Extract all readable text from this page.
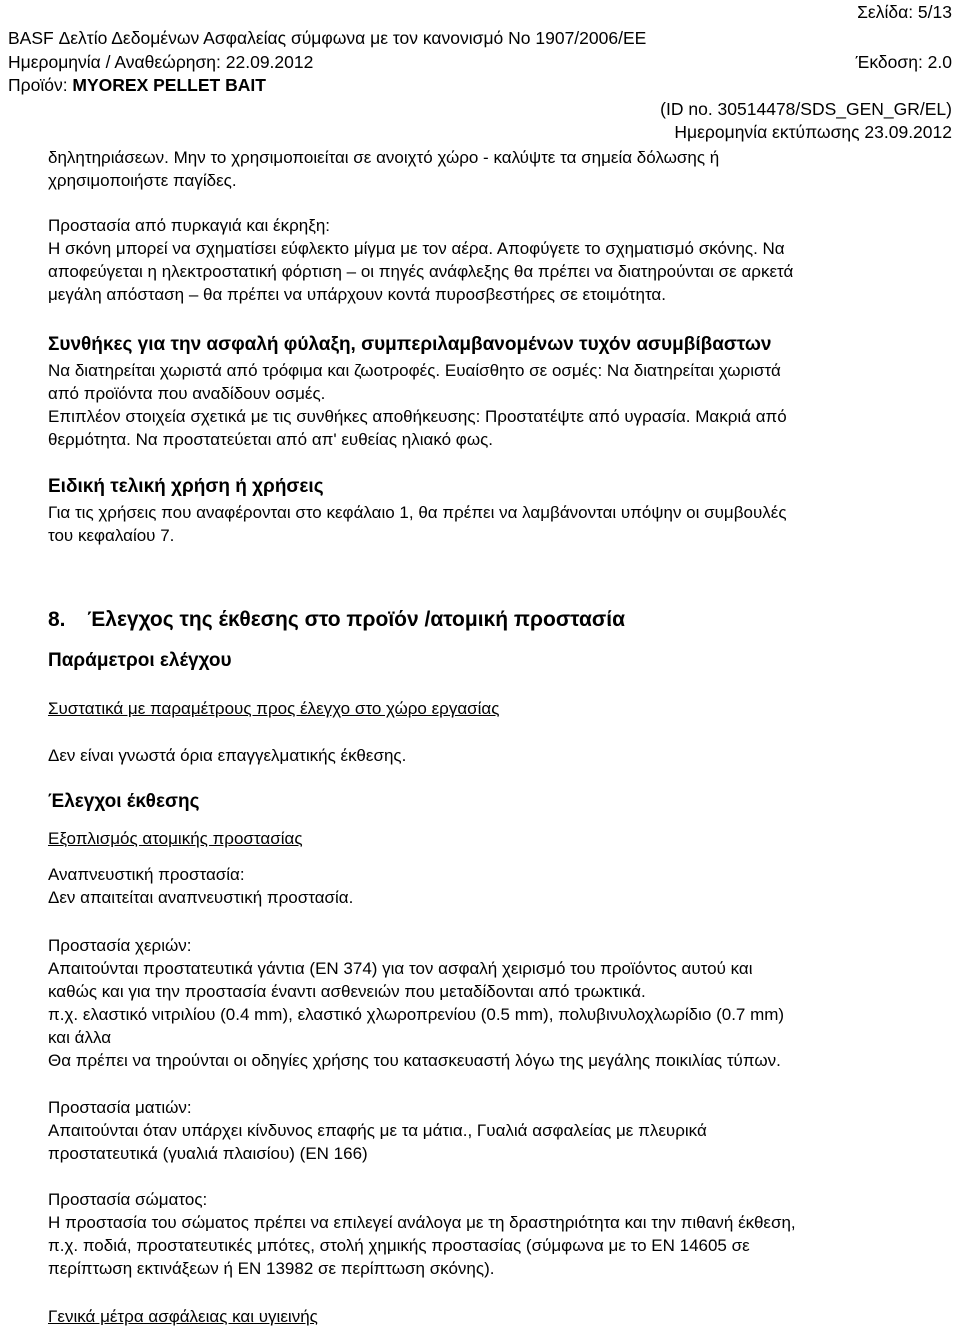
Σελίδα: 5/13
BASF Δελτίο Δεδομένων Ασφαλείας σύμφωνα με τον κανονισμό No 1907/2006/EE
Ημερομηνία / Αναθεώρηση: 22.09.2012	Έκδοση: 2.0
Προϊόν: MYOREX PELLET BAIT
(ID no. 30514478/SDS_GEN_GR/EL)
Ημερομηνία εκτύπωσης 23.09.2012
δηλητηριάσεων. Μην το χρησιμοποιείται σε ανοιχτό χώρο - καλύψτε τα σημεία δόλωσης ή
χρησιμοποιήστε παγίδες.
Προστασία από πυρκαγιά και έκρηξη:
Η σκόνη μπορεί να σχηματίσει εύφλεκτο μίγμα με τον αέρα. Αποφύγετε το σχηματισμό σκόνης. Να
αποφεύγεται η ηλεκτροστατική φόρτιση – οι πηγές ανάφλεξης θα πρέπει να διατηρούνται σε αρκετά
μεγάλη απόσταση – θα πρέπει να υπάρχουν κοντά πυροσβεστήρες σε ετοιμότητα.
Συνθήκες για την ασφαλή φύλαξη, συμπεριλαμβανομένων τυχόν ασυμβίβαστων
Να διατηρείται χωριστά από τρόφιμα και ζωοτροφές. Ευαίσθητο σε οσμές: Να διατηρείται χωριστά
από προϊόντα που αναδίδουν οσμές.
Επιπλέον στοιχεία σχετικά με τις συνθήκες αποθήκευσης: Προστατέψτε από υγρασία. Μακριά από
θερμότητα. Να προστατεύεται από απ' ευθείας ηλιακό φως.
Ειδική τελική χρήση ή χρήσεις
Για τις χρήσεις που αναφέρονται στο κεφάλαιο 1, θα πρέπει να λαμβάνονται υπόψην οι συμβουλές
του κεφαλαίου 7.
8. Έλεγχος της έκθεσης στο προϊόν /ατομική προστασία
Παράμετροι ελέγχου
Συστατικά με παραμέτρους προς έλεγχο στο χώρο εργασίας
Δεν είναι γνωστά όρια επαγγελματικής έκθεσης.
Έλεγχοι έκθεσης
Εξοπλισμός ατομικής προστασίας
Αναπνευστική προστασία:
Δεν απαιτείται αναπνευστική προστασία.
Προστασία χεριών:
Απαιτούνται προστατευτικά γάντια (EN 374) για τον ασφαλή χειρισμό του προϊόντος αυτού και
καθώς και για την προστασία έναντι ασθενειών που μεταδίδονται από τρωκτικά.
π.χ. ελαστικό νιτριλίου (0.4 mm), ελαστικό χλωροπρενίου (0.5 mm), πολυβινυλοχλωρίδιο (0.7 mm)
και άλλα
Θα πρέπει να τηρούνται οι οδηγίες χρήσης του κατασκευαστή λόγω της μεγάλης ποικιλίας τύπων.
Προστασία ματιών:
Απαιτούνται όταν υπάρχει κίνδυνος επαφής με τα μάτια., Γυαλιά ασφαλείας με πλευρικά
προστατευτικά (γυαλιά πλαισίου) (EN 166)
Προστασία σώματος:
Η προστασία του σώματος πρέπει να επιλεγεί ανάλογα με τη δραστηριότητα και την πιθανή έκθεση,
π.χ. ποδιά, προστατευτικές μπότες, στολή χημικής προστασίας (σύμφωνα με το EN 14605 σε
περίπτωση εκτινάξεων ή EN 13982 σε περίπτωση σκόνης).
Γενικά μέτρα ασφάλειας και υγιεινής
